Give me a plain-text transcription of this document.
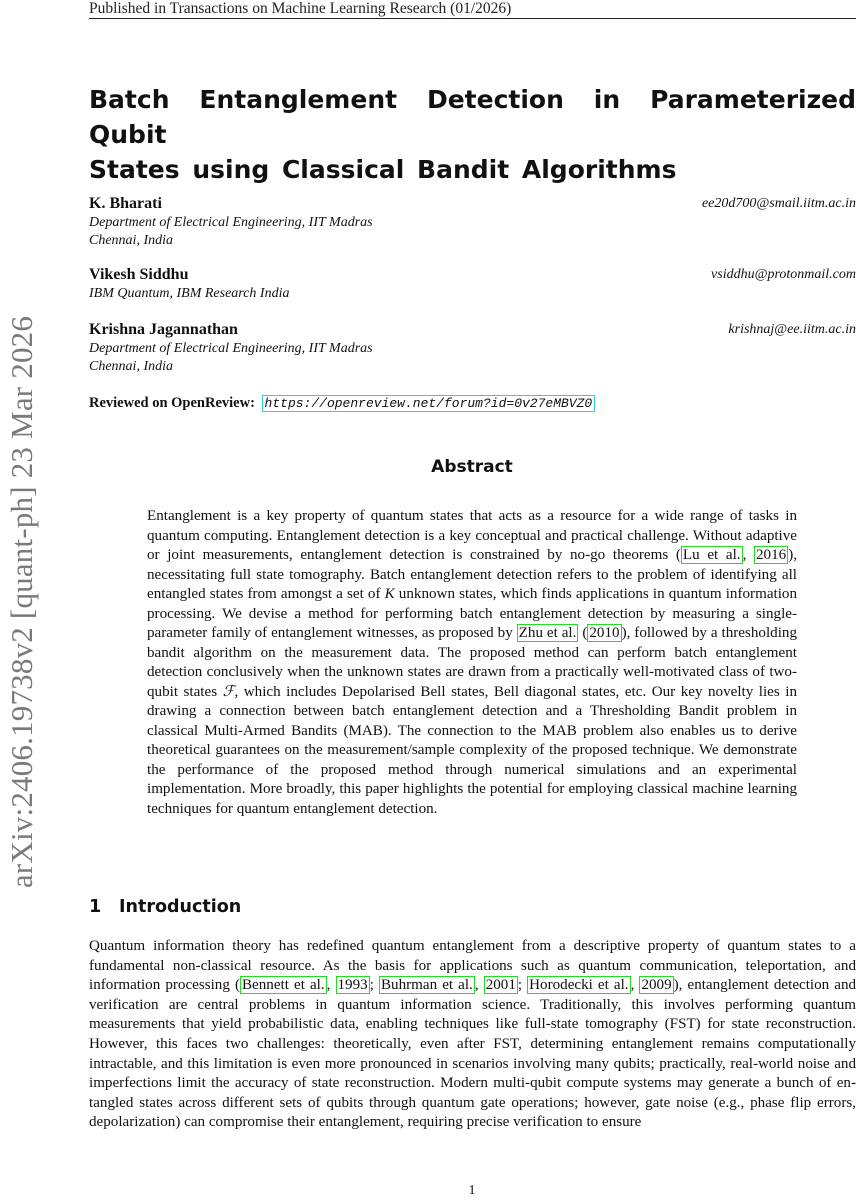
Published in Transactions on Machine Learning Research (01/2026)
arXiv:2406.19738v2 [quant-ph] 23 Mar 2026
Batch Entanglement Detection in Parameterized Qubit
States using Classical Bandit Algorithms
K. Bharati	ee20d700@smail.iitm.ac.in
Department of Electrical Engineering, IIT Madras
Chennai, India
Vikesh Siddhu	vsiddhu@protonmail.com
IBM Quantum, IBM Research India
Krishna Jagannathan	krishnaj@ee.iitm.ac.in
Department of Electrical Engineering, IIT Madras
Chennai, India
Reviewed on OpenReview: https://openreview.net/forum?id=0v27eMBVZ0
Abstract
Entanglement is a key property of quantum states that acts as a resource for a wide range of tasks in quantum computing. Entanglement detection is a key conceptual and practical challenge. Without adaptive or joint measurements, entanglement detection is constrained by no-go theorems ( Lu et al. , 2016 ), necessitating full state tomography. Batch entanglement detection refers to the problem of identifying all entangled states from amongst a set of K unknown states, which finds applications in quantum information processing. We devise a method for performing batch entanglement detection by measuring a single-parameter family of entanglement witnesses, as proposed by Zhu et al. ( 2010 ), followed by a thresholding bandit algorithm on the measurement data. The proposed method can perform batch entanglement detection conclusively when the unknown states are drawn from a practically well-motivated class of two-qubit states ℱ, which includes Depolarised Bell states, Bell diagonal states, etc. Our key novelty lies in drawing a connection between batch entanglement detection and a Thresholding Bandit problem in classical Multi-Armed Bandits (MAB). The connection to the MAB problem also enables us to derive theoretical guarantees on the measurement/sample complexity of the proposed technique. We demonstrate the performance of the proposed method through numerical simulations and an experimental implementation. More broadly, this paper highlights the potential for employing classical machine learning techniques for quantum entanglement detection.
1 Introduction
Quantum information theory has redefined quantum entanglement from a descriptive property of quantum states to a fundamental non-classical resource. As the basis for applications such as quantum communication, teleportation, and information processing ( Bennett et al. , 1993 ; Buhrman et al. , 2001 ; Horodecki et al. , 2009 ), entanglement detection and verification are central problems in quantum information science. Traditionally, this involves performing quantum measurements that yield probabilistic data, enabling techniques like full-state tomography (FST) for state reconstruction. However, this faces two challenges: theoretically, even after FST, determining entanglement remains computationally intractable, and this limitation is even more pronounced in scenarios involving many qubits; practically, real-world noise and imperfections limit the accuracy of state reconstruction. Modern multi-qubit compute systems may generate a bunch of entangled states across different sets of qubits through quantum gate operations; however, gate noise (e.g., phase flip errors, depolarization) can compromise their entanglement, requiring precise verification to ensure
1
